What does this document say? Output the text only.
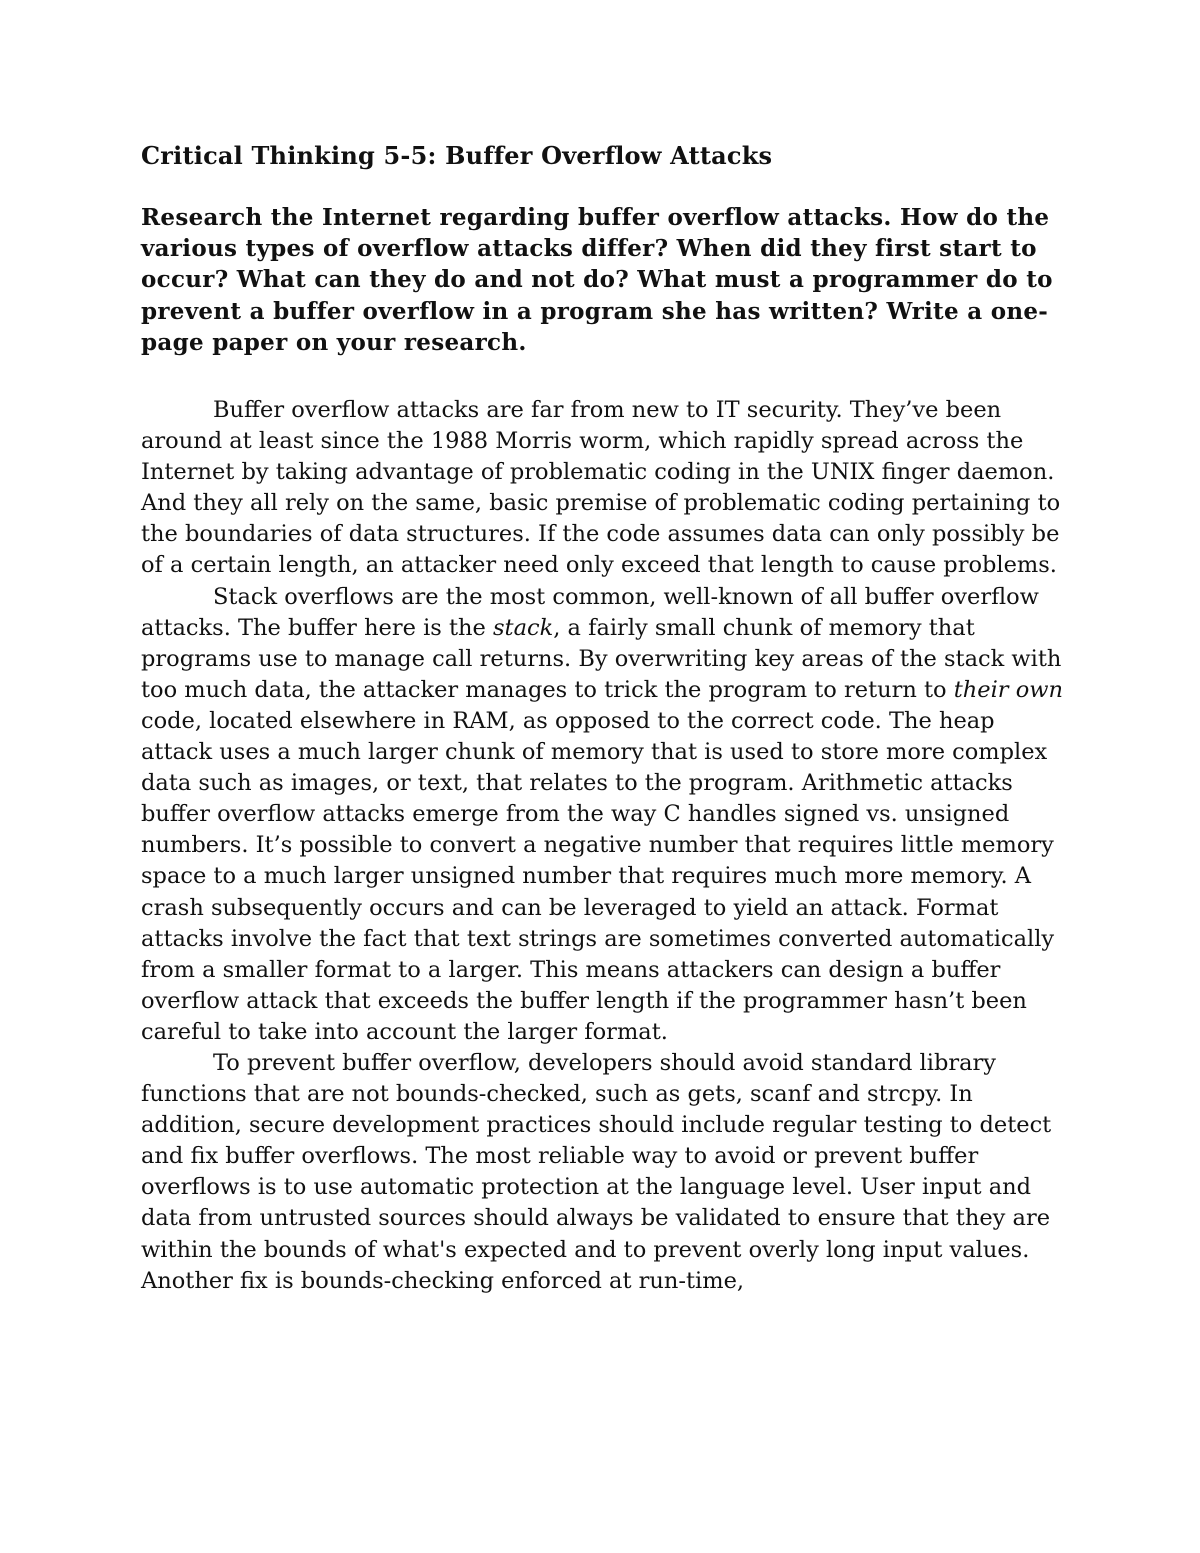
Critical Thinking 5-5: Buffer Overflow Attacks

Research the Internet regarding buffer overflow attacks. How do the various types of overflow attacks differ? When did they first start to occur? What can they do and not do? What must a programmer do to prevent a buffer overflow in a program she has written? Write a one-page paper on your research.

Buffer overflow attacks are far from new to IT security. They’ve been around at least since the 1988 Morris worm, which rapidly spread across the Internet by taking advantage of problematic coding in the UNIX finger daemon. And they all rely on the same, basic premise of problematic coding pertaining to the boundaries of data structures. If the code assumes data can only possibly be of a certain length, an attacker need only exceed that length to cause problems.

Stack overflows are the most common, well-known of all buffer overflow attacks. The buffer here is the stack, a fairly small chunk of memory that programs use to manage call returns. By overwriting key areas of the stack with too much data, the attacker manages to trick the program to return to their own code, located elsewhere in RAM, as opposed to the correct code. The heap attack uses a much larger chunk of memory that is used to store more complex data such as images, or text, that relates to the program. Arithmetic attacks buffer overflow attacks emerge from the way C handles signed vs. unsigned numbers. It’s possible to convert a negative number that requires little memory space to a much larger unsigned number that requires much more memory. A crash subsequently occurs and can be leveraged to yield an attack. Format attacks involve the fact that text strings are sometimes converted automatically from a smaller format to a larger. This means attackers can design a buffer overflow attack that exceeds the buffer length if the programmer hasn’t been careful to take into account the larger format.

To prevent buffer overflow, developers should avoid standard library functions that are not bounds-checked, such as gets, scanf and strcpy. In addition, secure development practices should include regular testing to detect and fix buffer overflows. The most reliable way to avoid or prevent buffer overflows is to use automatic protection at the language level. User input and data from untrusted sources should always be validated to ensure that they are within the bounds of what's expected and to prevent overly long input values. Another fix is bounds-checking enforced at run-time,
